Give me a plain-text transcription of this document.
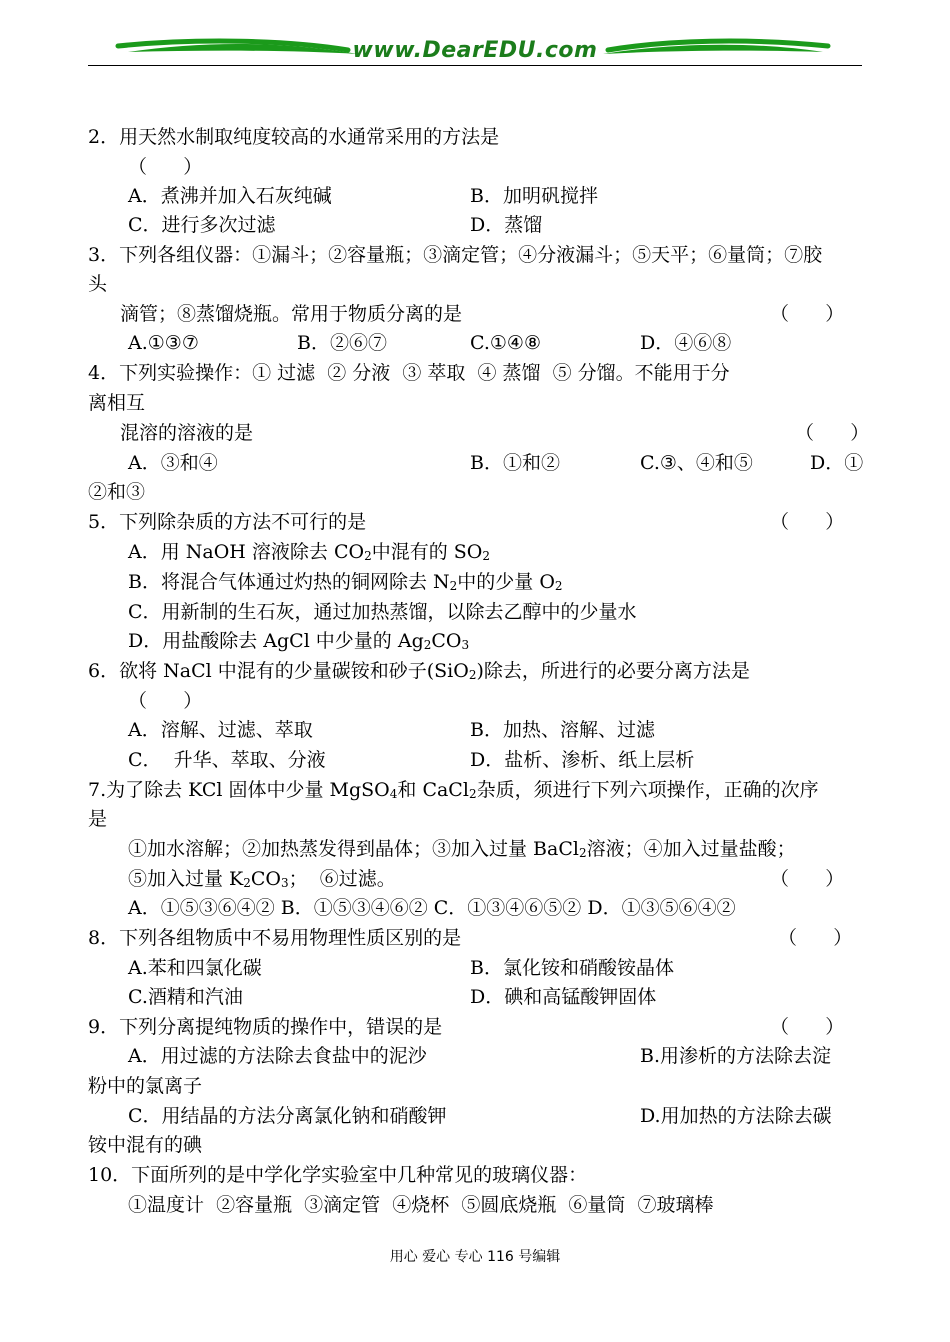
www.DearEDU.com
2．用天然水制取纯度较高的水通常采用的方法是
（      ）
A．煮沸并加入石灰纯碱	B．加明矾搅拌
C．进行多次过滤	D．蒸馏
3．下列各组仪器：①漏斗；②容量瓶；③滴定管；④分液漏斗；⑤天平；⑥量筒；⑦胶
头
滴管；⑧蒸馏烧瓶。常用于物质分离的是	（      ）
A.①③⑦	B．②⑥⑦	C.①④⑧	D．④⑥⑧
4．下列实验操作：① 过滤  ② 分液  ③ 萃取  ④ 蒸馏  ⑤ 分馏。不能用于分
离相互
混溶的溶液的是	（      ）
A．③和④	B．①和②	C.③、④和⑤	D．①
②和③
5．下列除杂质的方法不可行的是	（      ）
A．用 NaOH 溶液除去 $CO_2$中混有的 $SO_2$
B．将混合气体通过灼热的铜网除去 $N_2$中的少量 $O_2$
C．用新制的生石灰，通过加热蒸馏，以除去乙醇中的少量水
D．用盐酸除去 AgCl 中少量的 $Ag_2CO_3$
6．欲将 NaCl 中混有的少量碳铵和砂子(SiO$_2$)除去，所进行的必要分离方法是
（      ）
A．溶解、过滤、萃取	B．加热、溶解、过滤
C．  升华、萃取、分液	D．盐析、渗析、纸上层析
7.为了除去 KCl 固体中少量 MgSO$_4$和 CaCl$_2$杂质，须进行下列六项操作，正确的次序
是
①加水溶解；②加热蒸发得到晶体；③加入过量 BaCl$_2$溶液；④加入过量盐酸；
⑤加入过量 $K_2CO_3$；  ⑥过滤。	（      ）
A．①⑤③⑥④② B．①⑤③④⑥② C．①③④⑥⑤② D．①③⑤⑥④②
8．下列各组物质中不易用物理性质区别的是	（      ）
A.苯和四氯化碳	B．氯化铵和硝酸铵晶体
C.酒精和汽油	D．碘和高锰酸钾固体
9．下列分离提纯物质的操作中，错误的是	（      ）
A．用过滤的方法除去食盐中的泥沙	B.用渗析的方法除去淀
粉中的氯离子
C．用结晶的方法分离氯化钠和硝酸钾	D.用加热的方法除去碳
铵中混有的碘
10．下面所列的是中学化学实验室中几种常见的玻璃仪器：
①温度计  ②容量瓶  ③滴定管  ④烧杯  ⑤圆底烧瓶  ⑥量筒  ⑦玻璃棒
用心 爱心 专心 116 号编辑
